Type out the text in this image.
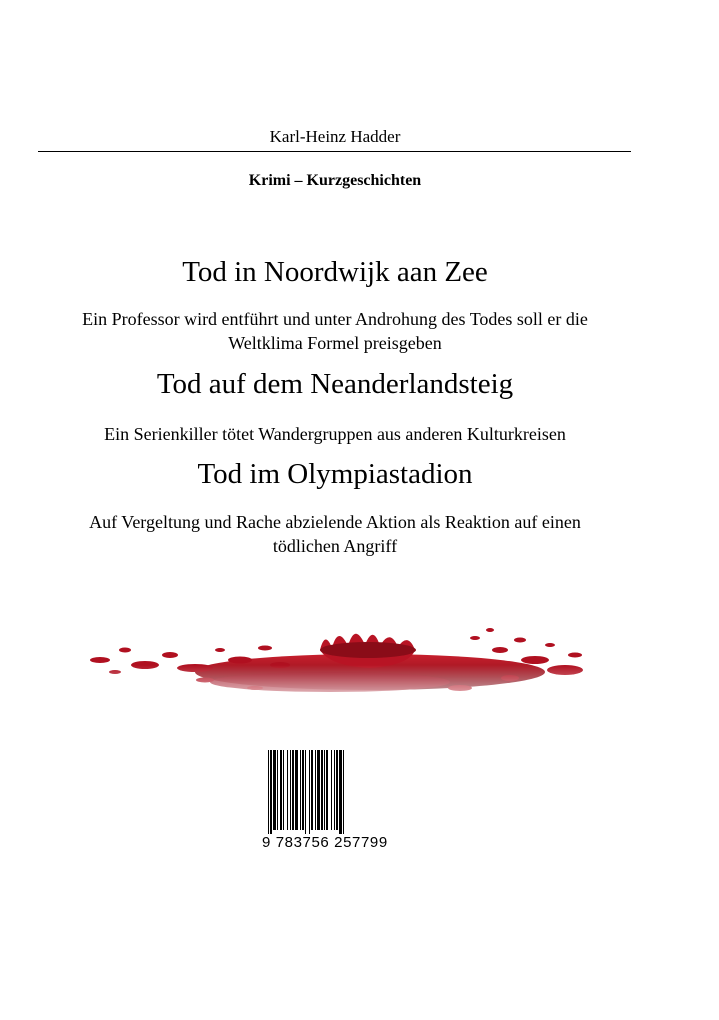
Karl-Heinz Hadder
Krimi – Kurzgeschichten
Tod in Noordwijk aan Zee
Ein Professor wird entführt und unter Androhung des Todes soll er die Weltklima Formel preisgeben
Tod auf dem Neanderlandsteig
Ein Serienkiller tötet Wandergruppen aus anderen Kulturkreisen
Tod im Olympiastadion
Auf Vergeltung und Rache abzielende Aktion als Reaktion auf einen tödlichen Angriff
9 783756 257799
